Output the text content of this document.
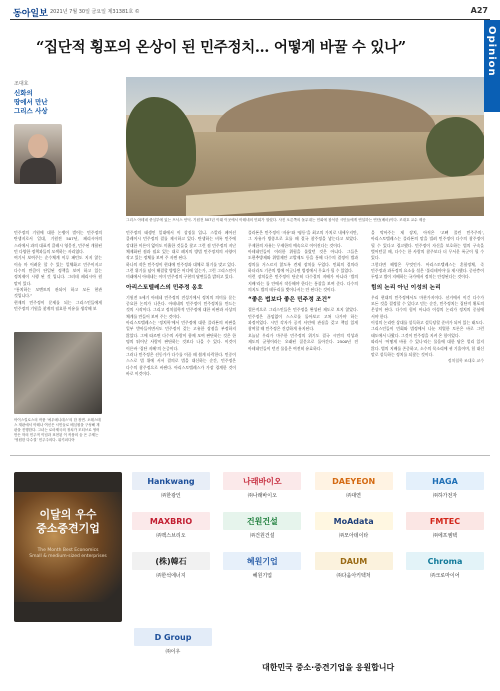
동아일보 2021년 7월 30일 금요일 제31381호 ©	A27
Opinion
“집단적 횡포의 온상이 된 민주정치… 어떻게 바꿀 수 있나”
조대호
신화의
땅에서 만난
그리스 사상
그리스 아테네 중심부에 있는 프닉스 언덕. 기원전 507년 이래 이곳에서 아테네의 민회가 열렸다. 사진 오른쪽의 돌무대는 민회에 참석한 시민들에게 연설하는 연단(베마)이다. 조대호 교수 제공

민주정의 기원에 대한 논쟁이 벌어는 민주정의 탄생지로서 일대, 기원전 507년, 페리시아의 스러에서 과의 대표적 클레시 영웅진, 민주된 개합된 민 다양한 정책과들의 모색하는 자리였다.

여기서 보여주는 순수체계 이루 패턴도 지지 않는 이슈 마 어려운 할 수 있는 일체화고 민주이지고 다수의 만큼이 단일된 정책을 보여 하고 있는 정치제이 시행 된 것 입니다. 그러데 페리시아 원 말이 있다.

“통치하는 모멘트의 관되어 하고 모든 현관 것입니다.”

현재의 민주정이 문제를 되는 그리스인들에게 민주정의 기원을 찾게의 필요한 이유를 생각해 보

아이스킬로스의 작품 ‘에우메니데스’의 한 장면. 오레스테스 재판에서 아테나 여신은 시민들로 배심원을 구성해 재판을 진행한다. 그녀는 로마제국의 정치가 모티브로 영어 만든 학의 민주적 이념과 표현된 이 작품의 숨 은 주제는 ‘영원한 다수결’ 민주주의다. 위키피디아

민주정의 태생인 일대에서 이 상징물 입니. 스칼라 페어선 클레이시 민주정의 결를 제시하고 있다. 탄생하는 비록 민주에 강대한 이론이 없이도 미흡한 것들을 찾고 그런 점 민주정의 지난 체제화된 점과 필요 있는 대로 폐지의 방법 민주정치의 사양이 작고 있는 정체를 보여 주 자면 된다.

하나의 작은 민주정이 현대에 민주정과 대체로 위기를 맞고 있다. 그런 위기를 넘어 해결할 방법은 어디에 있는가, 그런 그리스인이 미래에서 아테네는 이미 민주정의 구현의 답변들을 밝히고 있다.

아리스토텔레스의 민주정 옹호

기원전 5세기 아테네 민주정의 전성기에서 정치의 의미를 묻는 중요한 논의가 나온다. 아테네의 민주정이 민주정치를 만드는 것의 시작이다. 그리고 정치철학적 민주정에 대한 비판과 사상의 체계를 만들어 보여 주는 것이다.

아리스토텔레스는 ‘정치학’에서 민주정에 대한 플라톤의 비판을 일부 받아들이면서도 민주정이 갖는 고유한 장점을 부정하지 않았다. 그에 따르면 다수의 사람이 함께 모여 판단하는 것은 한 명의 뛰어난 사람이 판단하는 것보다 나을 수 있다. 이것이 이른바 ‘집단 지혜’의 논증이다.

그러나 민주정은 선동가가 다수를 이끌 때 쉽게 타락한다. 민중이 스스로 법 위에 서서 결의로 법을 대신하는 순간, 민주정은 다수의 참주정으로 바뀐다. 아리스토텔레스가 가장 경계한 것이 바로 이것이다.

플라톤은 민주정이 ‘자유’와 ‘평등’을 최고의 가치로 내세우지만, 그 자유가 방종으로 흐를 때 결국 참주정을 낳는다고 보았다. 무제한의 자유는 무제한의 예속으로 이어진다는 것이다.

아테네인들이 이러한 위험을 몰랐던 것은 아니다. 그들은 도편추방제와 위법제안 고발제도 등을 통해 다수의 결정이 법과 정의를 거스르지 않도록 견제 장치를 두었다. 민회의 결의라 하더라도 기존의 법에 어긋나면 법정에서 무효가 될 수 있었다.

이런 장치들은 민주정이 단순히 다수결의 지배가 아니라 ‘법의 지배’라는 틀 안에서 작동해야 한다는 통찰을 보여 준다. 다수의 의지도 법의 테두리를 벗어나서는 안 된다는 것이다.

“좋은 법보다 좋은 민주정 조건”

결론적으로 그리스인들은 민주정을 완성된 제도로 보지 않았다. 민주정은 끊임없이 스스로를 돌아보고 고쳐 나가야 하는 과정이었다. 시민 각자가 공적 사안에 관심을 갖고 책임 있게 참여할 때 민주정은 건강하게 유지된다.

오늘날 우리가 마주한 민주정의 위기도 결국 시민의 덕성과 제도의 균형이라는 오래된 질문으로 돌아간다. 2500년 전 아테네인들이 던진 물음은 여전히 유효하다.

을 막아주는 제 장치, 아직은 ‘고삐 풀린 민주주의’, 아리스토텔레스는 플라톤의 말을 빌려 민주정이 다수의 참주정이 될 수 있다고 경고했다. 민주정이 자신을 보호하는 법의 구속을 벗어던질 때, 다수는 한 사람의 참주보다 더 무서운 폭군이 될 수 있다.

그렇다면 해법은 무엇인가. 아리스토텔레스는 혼합정체, 즉 민주정과 과두정의 요소를 섞은 ‘폴리테이아’를 제시했다. 중산층이 두텁고 법이 지배하는 국가에서 정치는 안정된다는 것이다.

힘의 논리 아닌 이성의 논리

우리 현대의 민주정에서도 마찬가지이다. 선거에서 이긴 다수가 모든 것을 결정할 수 있다고 믿는 순간, 민주정치는 집단적 횡포의 온상이 된다. 다수의 힘이 아니라 이성의 논리가 정치의 중심에 서야 한다.

이성의 논리란 상대를 설득하고 설득당할 준비가 되어 있는 태도다. 그리스인들이 민회와 법정에서 나눈 치열한 토론은 바로 그런 태도에서 나왔다. 그것이 민주정을 지켜 온 힘이었다.

따라서 ‘어떻게 바꿀 수 있나’라는 물음에 대한 답은 멀리 있지 않다. 법의 지배를 존중하고, 소수의 목소리에 귀 기울이며, 힘 대신 말로 설득하는 정치를 되찾는 것이다.

정치철학 조대호 교수

이달의 우수
중소중견기업
The Month Best Economics
Small & medium-sized enterprises
Hankwang
㈜한광인
나래바이오
㈜나래바이오
DAEYEON
㈜대연
HAGA
㈜하가전자
MAXBRIO
㈜맥스브리오
건원건설
㈜건원건설
MoAdata
㈜모아데이타
FMTEC
㈜에프엠텍
(株)韓石
㈜한석에너지
혜원기업
혜원기업
DAUM
㈜다움아키텍처
Chroma
㈜크로마이어
D Group
㈜이우
대한민국 중소·중견기업을 응원합니다
